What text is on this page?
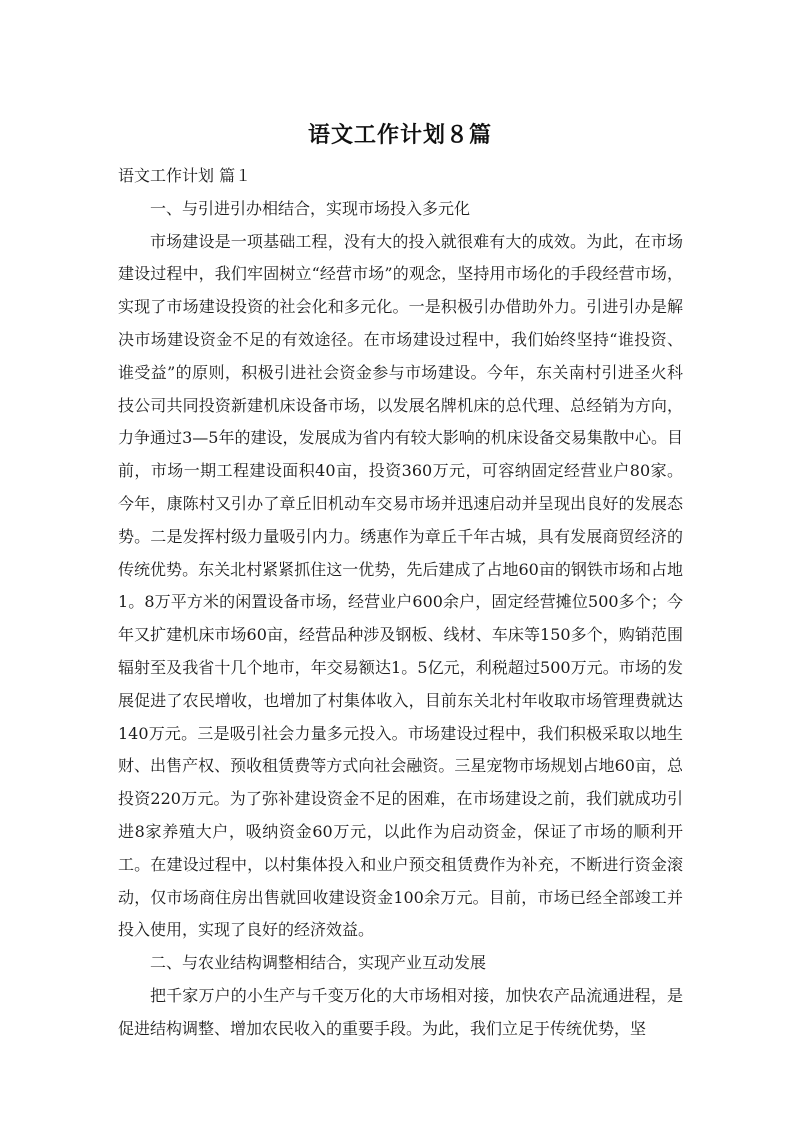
语文工作计划８篇

语文工作计划 篇１

一、与引进引办相结合，实现市场投入多元化

市场建设是一项基础工程，没有大的投入就很难有大的成效。为此，在市场建设过程中，我们牢固树立“经营市场”的观念，坚持用市场化的手段经营市场，实现了市场建设投资的社会化和多元化。一是积极引办借助外力。引进引办是解决市场建设资金不足的有效途径。在市场建设过程中，我们始终坚持“谁投资、谁受益”的原则，积极引进社会资金参与市场建设。今年，东关南村引进圣火科技公司共同投资新建机床设备市场，以发展名牌机床的总代理、总经销为方向，力争通过3—5年的建设，发展成为省内有较大影响的机床设备交易集散中心。目前，市场一期工程建设面积40亩，投资360万元，可容纳固定经营业户80家。今年，康陈村又引办了章丘旧机动车交易市场并迅速启动并呈现出良好的发展态势。二是发挥村级力量吸引内力。绣惠作为章丘千年古城，具有发展商贸经济的传统优势。东关北村紧紧抓住这一优势，先后建成了占地60亩的钢铁市场和占地1。8万平方米的闲置设备市场，经营业户600余户，固定经营摊位500多个；今年又扩建机床市场60亩，经营品种涉及钢板、线材、车床等150多个，购销范围辐射至及我省十几个地市，年交易额达1。5亿元，利税超过500万元。市场的发展促进了农民增收，也增加了村集体收入，目前东关北村年收取市场管理费就达140万元。三是吸引社会力量多元投入。市场建设过程中，我们积极采取以地生财、出售产权、预收租赁费等方式向社会融资。三星宠物市场规划占地60亩，总投资220万元。为了弥补建设资金不足的困难，在市场建设之前，我们就成功引进8家养殖大户，吸纳资金60万元，以此作为启动资金，保证了市场的顺利开工。在建设过程中，以村集体投入和业户预交租赁费作为补充，不断进行资金滚动，仅市场商住房出售就回收建设资金100余万元。目前，市场已经全部竣工并投入使用，实现了良好的经济效益。

二、与农业结构调整相结合，实现产业互动发展

把千家万户的小生产与千变万化的大市场相对接，加快农产品流通进程，是促进结构调整、增加农民收入的重要手段。为此，我们立足于传统优势，坚
